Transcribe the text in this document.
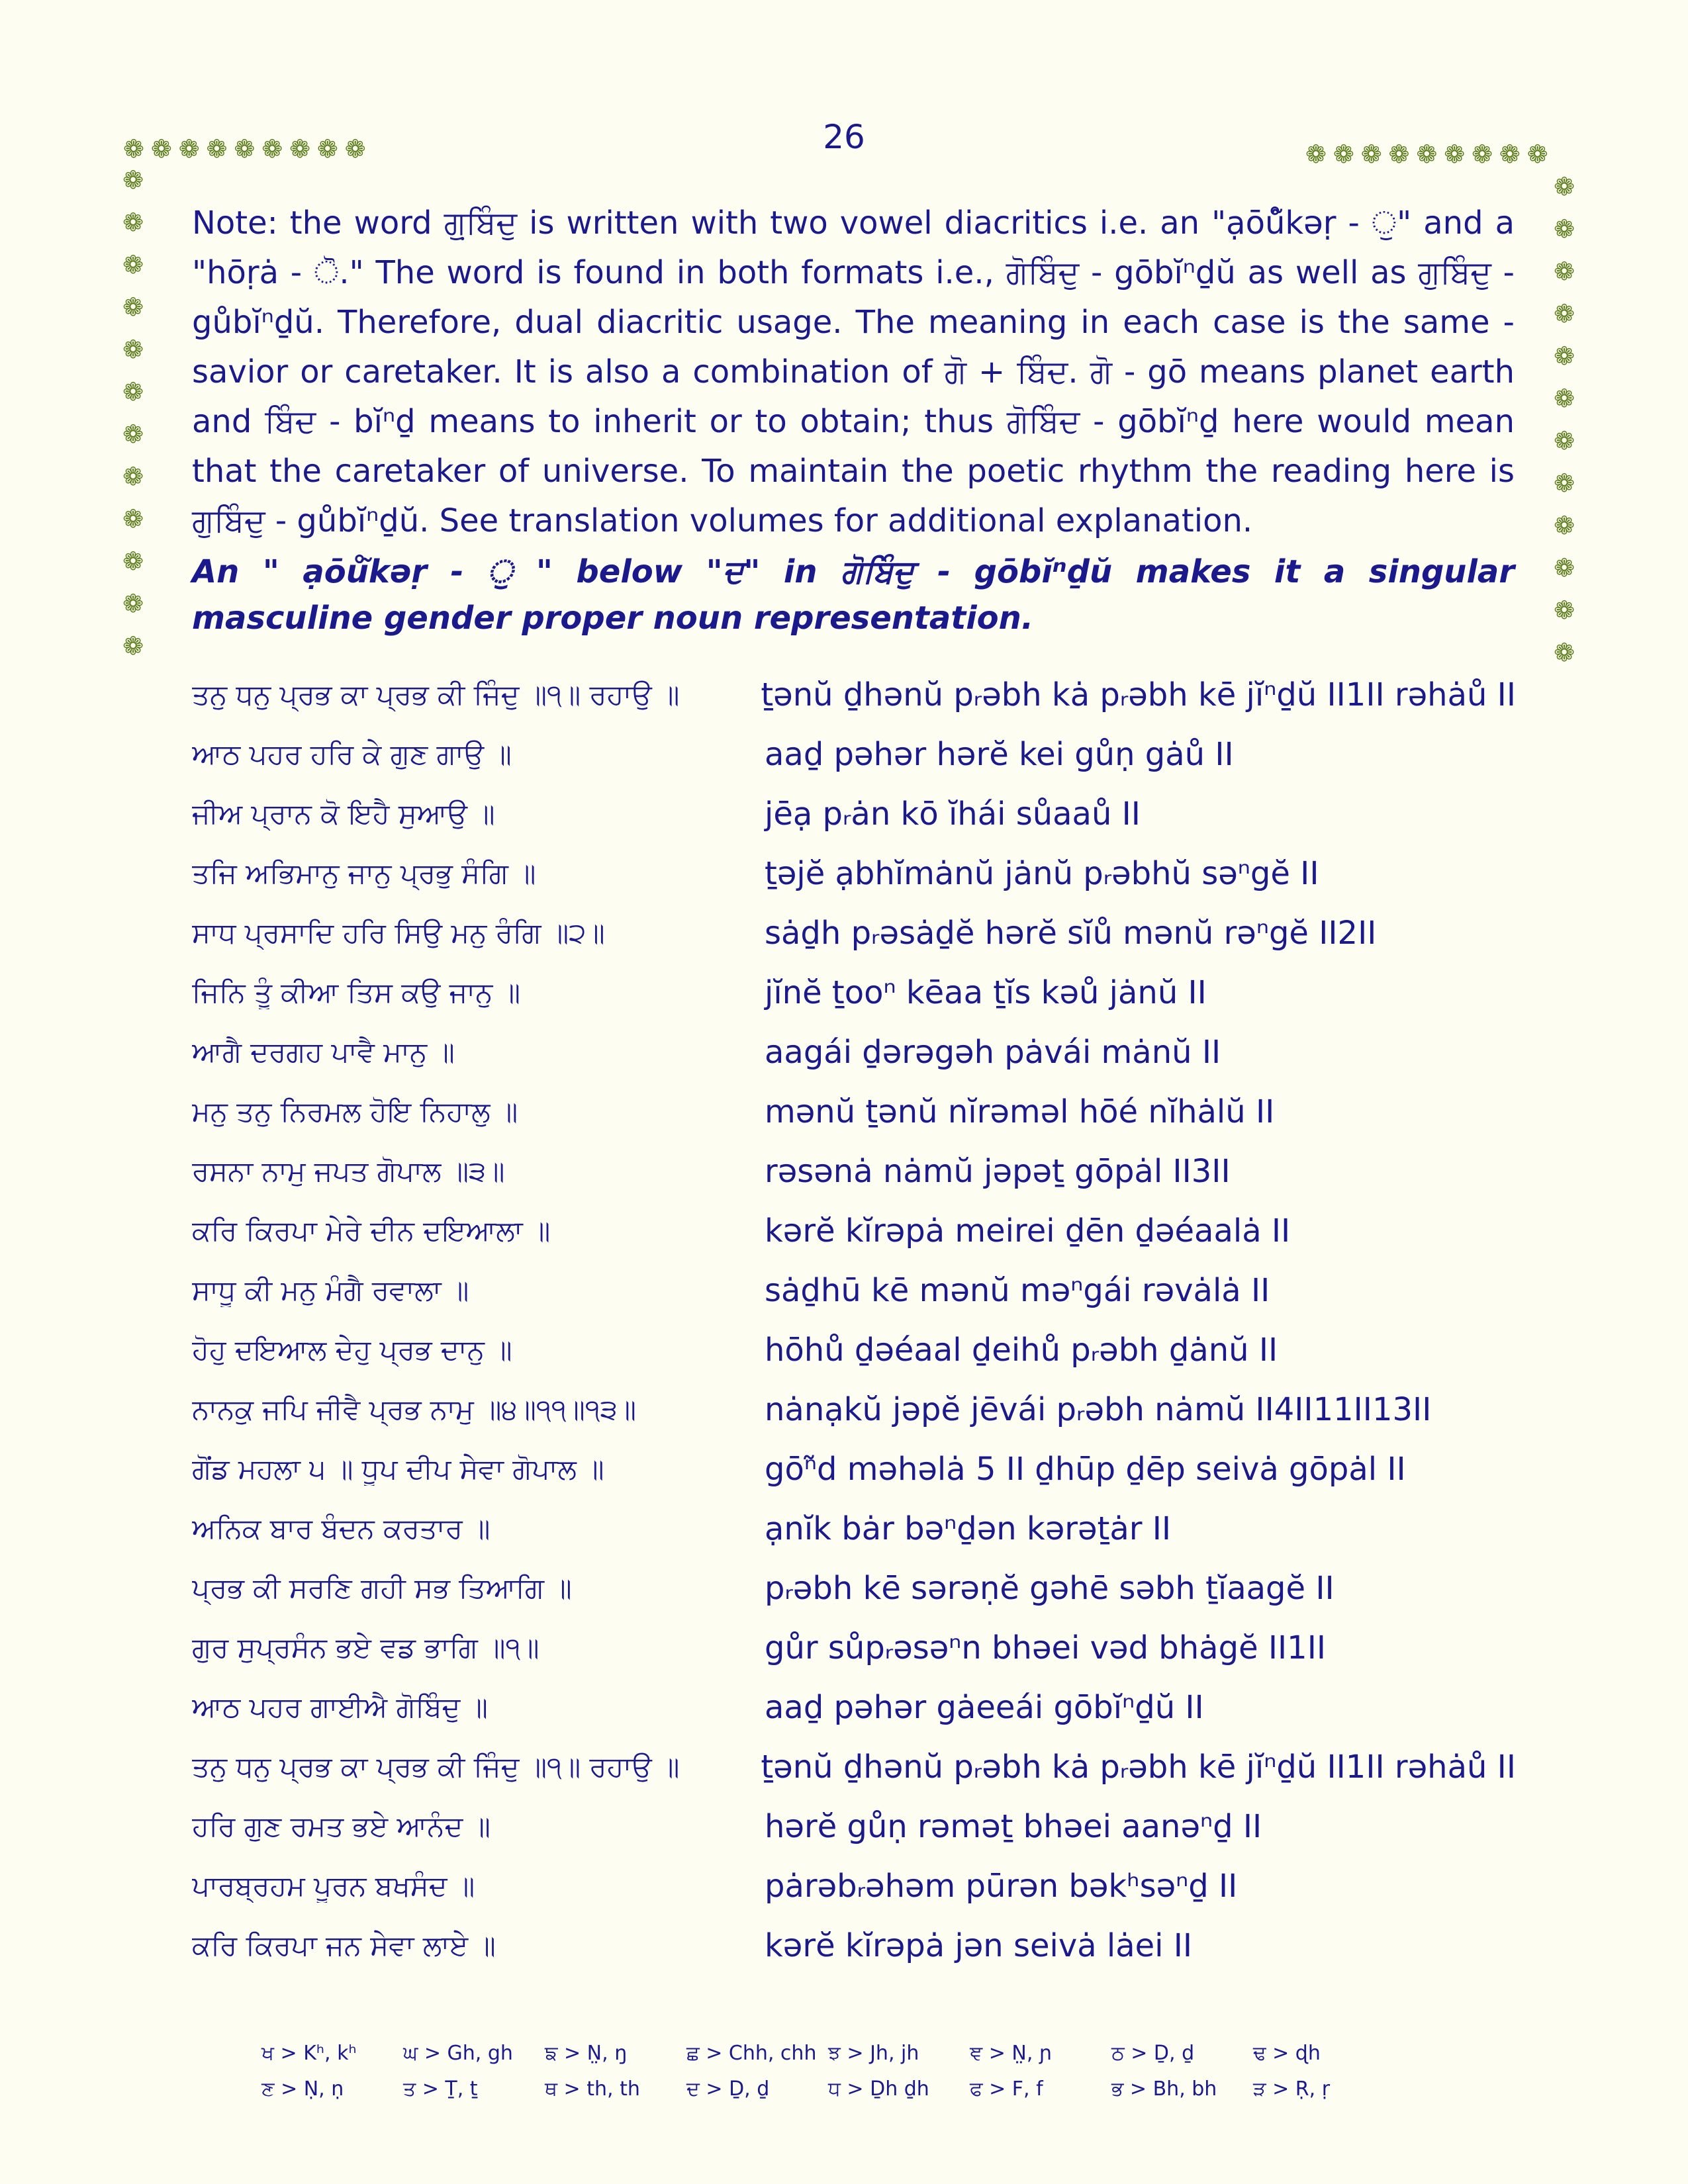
26
❁❁❁❁❁❁❁❁❁	❁❁❁❁❁❁❁❁❁
❁
❁
❁
❁
❁
❁
❁
❁
❁
❁
❁
❁
❁
❁
❁
❁
❁
❁
❁
❁
❁
❁
❁
❁

Note: the word ਗੁ਼ਬਿੰਦੁ is written with two vowel diacritics i.e. an "ạōů̃kəṛ - ੁ" and a "hōṛȧ - ੋ." The word is found in both formats i.e., ਗੋਬਿੰਦੁ - gōbĭⁿḏŭ as well as ਗੁਬਿੰਦੁ - gůbĭⁿḏŭ. Therefore, dual diacritic usage. The meaning in each case is the same - savior or caretaker. It is also a combination of ਗੋ + ਬਿੰਦ. ਗੋ - gō means planet earth and ਬਿੰਦ - bĭⁿḏ means to inherit or to obtain; thus ਗੋਬਿੰਦ - gōbĭⁿḏ here would mean that the caretaker of universe. To maintain the poetic rhythm the reading here is ਗੁਬਿੰਦੁ - gůbĭⁿḏŭ. See translation volumes for additional explanation.

An " ạōů̃kəṛ - ੁ " below "ਦ" in ਗੋਬਿੰਦੁ - gōbĭⁿḏŭ makes it a singular masculine gender proper noun representation.

ਤਨੁ ਧਨੁ ਪ੍ਰਭ ਕਾ ਪ੍ਰਭ ਕੀ ਜਿੰਦੁ ॥੧॥ ਰਹਾਉ ॥	ṯənŭ ḏhənŭ pᵣəbh kȧ pᵣəbh kē jĭⁿḏŭ II1II rəhȧů II
ਆਠ ਪਹਰ ਹਰਿ ਕੇ ਗੁਣ ਗਾਉ ॥	aaḏ pəhər hərĕ kei gůṇ gȧů II
ਜੀਅ ਪ੍ਰਾਨ ਕੋ ਇਹੈ ਸੁਆਉ ॥	jēạ pᵣȧn kō ĭhái sůaaů II
ਤਜਿ ਅਭਿਮਾਨੁ ਜਾਨੁ ਪ੍ਰਭੁ ਸੰਗਿ ॥	ṯəjĕ ạbhĭmȧnŭ jȧnŭ pᵣəbhŭ səⁿgĕ II
ਸਾਧ ਪ੍ਰਸਾਦਿ ਹਰਿ ਸਿਉ ਮਨੁ ਰੰਗਿ ॥੨॥	sȧḏh pᵣəsȧḏĕ hərĕ sĭů mənŭ rəⁿgĕ II2II
ਜਿਨਿ ਤੂੰ ਕੀਆ ਤਿਸ ਕਉ ਜਾਨੁ ॥	jĭnĕ ṯooⁿ kēaa ṯĭs kəů jȧnŭ II
ਆਗੈ ਦਰਗਹ ਪਾਵੈ ਮਾਨੁ ॥	aagái ḏərəgəh pȧvái mȧnŭ II
ਮਨੁ ਤਨੁ ਨਿਰਮਲ ਹੋਇ ਨਿਹਾਲੁ ॥	mənŭ ṯənŭ nĭrəməl hōé nĭhȧlŭ II
ਰਸਨਾ ਨਾਮੁ ਜਪਤ ਗੋਪਾਲ ॥੩॥	rəsənȧ nȧmŭ jəpəṯ gōpȧl II3II
ਕਰਿ ਕਿਰਪਾ ਮੇਰੇ ਦੀਨ ਦਇਆਲਾ ॥	kərĕ kĭrəpȧ meirei ḏēn ḏəéaalȧ II
ਸਾਧੂ ਕੀ ਮਨੁ ਮੰਗੈ ਰਵਾਲਾ ॥	sȧḏhū kē mənŭ məⁿgái rəvȧlȧ II
ਹੋਹੁ ਦਇਆਲ ਦੇਹੁ ਪ੍ਰਭ ਦਾਨੁ ॥	hōhů ḏəéaal ḏeihů pᵣəbh ḏȧnŭ II
ਨਾਨਕੁ ਜਪਿ ਜੀਵੈ ਪ੍ਰਭ ਨਾਮੁ ॥੪॥੧੧॥੧੩॥	nȧnạkŭ jəpĕ jēvái pᵣəbh nȧmŭ II4II11II13II
ਗੋਂਡ ਮਹਲਾ ੫ ॥ ਧੂਪ ਦੀਪ ਸੇਵਾ ਗੋਪਾਲ ॥	gōⁿ̃d məhəlȧ 5 II ḏhūp ḏēp seivȧ gōpȧl II
ਅਨਿਕ ਬਾਰ ਬੰਦਨ ਕਰਤਾਰ ॥	ạnĭk bȧr bəⁿḏən kərəṯȧr II
ਪ੍ਰਭ ਕੀ ਸਰਣਿ ਗਹੀ ਸਭ ਤਿਆਗਿ ॥	pᵣəbh kē sərəṇĕ gəhē səbh ṯĭaagĕ II
ਗੁਰ ਸੁਪ੍ਰਸੰਨ ਭਏ ਵਡ ਭਾਗਿ ॥੧॥	gůr sůpᵣəsəⁿn bhəei vəd bhȧgĕ II1II
ਆਠ ਪਹਰ ਗਾਈਐ ਗੋਬਿੰਦੁ ॥	aaḏ pəhər gȧeeái gōbĭⁿḏŭ II
ਤਨੁ ਧਨੁ ਪ੍ਰਭ ਕਾ ਪ੍ਰਭ ਕੀ ਜਿੰਦੁ ॥੧॥ ਰਹਾਉ ॥	ṯənŭ ḏhənŭ pᵣəbh kȧ pᵣəbh kē jĭⁿḏŭ II1II rəhȧů II
ਹਰਿ ਗੁਣ ਰਮਤ ਭਏ ਆਨੰਦ ॥	hərĕ gůṇ rəməṯ bhəei aanəⁿḏ II
ਪਾਰਬ੍ਰਹਮ ਪੂਰਨ ਬਖਸੰਦ ॥	pȧrəbᵣəhəm pūrən bəkʰsəⁿḏ II
ਕਰਿ ਕਿਰਪਾ ਜਨ ਸੇਵਾ ਲਾਏ ॥	kərĕ kĭrəpȧ jən seivȧ lȧei II
ਖ > Kʰ, kʰ	ਘ > Gh, gh	ਙ > N̤, ŋ	ਛ > Chh, chh ਝ > Jh, jh	ਞ > N̤, ɲ	ਠ > Ḏ, ḏ	ਢ > ɖh
ਣ > Ṇ, ṇ	ਤ > Ṯ, ṯ	ਥ > th, th	ਦ > Ḏ, ḏ	ਧ > Ḏh ḏh	ਫ > F, f	ਭ > Bh, bh	ੜ > Ṛ, ṛ
